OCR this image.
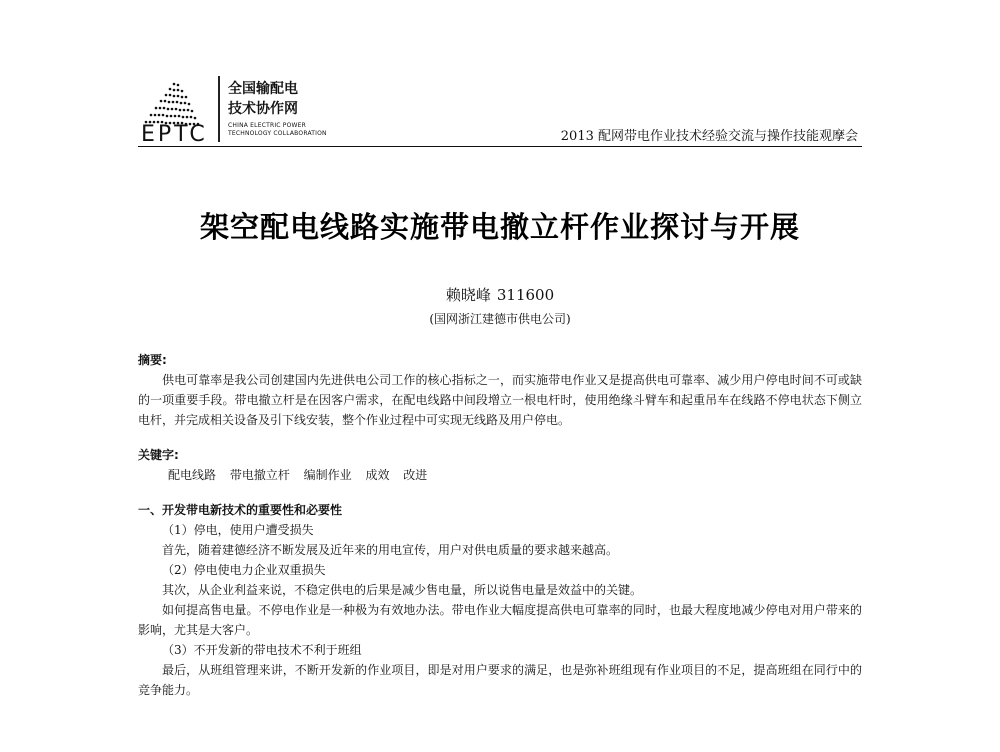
EPTC
全国输配电
技术协作网
CHINA ELECTRIC POWER
TECHNOLOGY COLLABORATION	2013 配网带电作业技术经验交流与操作技能观摩会
架空配电线路实施带电撤立杆作业探讨与开展
赖晓峰 311600
(国网浙江建德市供电公司)

摘要:

供电可靠率是我公司创建国内先进供电公司工作的核心指标之一，而实施带电作业又是提高供电可靠率、减少用户停电时间不可或缺的一项重要手段。带电撤立杆是在因客户需求，在配电线路中间段增立一根电杆时，使用绝缘斗臂车和起重吊车在线路不停电状态下侧立电杆，并完成相关设备及引下线安装，整个作业过程中可实现无线路及用户停电。

关键字:

配电线路 带电撤立杆 编制作业 成效 改进

一、开发带电新技术的重要性和必要性

（1）停电，使用户遭受损失

首先，随着建德经济不断发展及近年来的用电宣传，用户对供电质量的要求越来越高。

（2）停电使电力企业双重损失

其次，从企业利益来说，不稳定供电的后果是减少售电量，所以说售电量是效益中的关键。

如何提高售电量。不停电作业是一种极为有效地办法。带电作业大幅度提高供电可靠率的同时，也最大程度地减少停电对用户带来的影响，尤其是大客户。

（3）不开发新的带电技术不利于班组

最后，从班组管理来讲，不断开发新的作业项目，即是对用户要求的满足，也是弥补班组现有作业项目的不足，提高班组在同行中的竞争能力。
